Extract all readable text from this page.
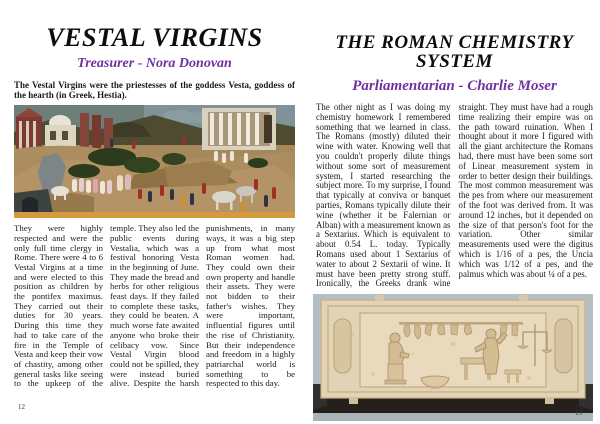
VESTAL VIRGINS
Treasurer - Nora Donovan

The Vestal Virgins were the priestesses of the goddess Vesta, goddess of the hearth (in Greek, Hestia).

They were highly respected and were the only full time clergy in Rome. There were 4 to 6 Vestal Virgins at a time and were elected to this position as children by the pontifex maximus. They carried out their duties for 30 years. During this time they had to take care of the fire in the Temple of Vesta and keep their vow of chastity, among other general tasks like seeing to the upkeep of the temple. They also led the public events during Vestalia, which was a festival honoring Vesta in the beginning of June. They made the bread and herbs for other religious feast days. If they failed to complete these tasks, they could be beaten. A much worse fate awaited anyone who broke their celibacy vow. Since Vestal Virgin blood could not be spilled, they were instead buried alive. Despite the harsh punishments, in many ways, it was a big step up from what most Roman women had. They could own their own property and handle their assets. They were not bidden to their father's wishes. They were important, influential figures until the rise of Christianity. But their independence and freedom in a highly patriarchal world is something to be respected to this day.
THE ROMAN CHEMISTRY SYSTEM
Parliamentarian - Charlie Moser
The other night as I was doing my chemistry homework I remembered something that we learned in class. The Romans (mostly) diluted their wine with water. Knowing well that you couldn't properly dilute things without some sort of measurement system, I started researching the subject more. To my surprise, I found that typically at conviva or banquet parties, Romans typically dilute their wine (whether it be Falernian or Alban) with a measurement known as a Sextarius. Which is equivalent to about 0.54 L. today. Typically Romans used about 1 Sextarius of water to about 2 Sextarii of wine. It must have been pretty strong stuff. Ironically, the Greeks drank wine straight. They must have had a rough time realizing their empire was on the path toward ruination. When I thought about it more I figured with all the giant architecture the Romans had, there must have been some sort of Linear measurement system in order to better design their buildings. The most common measurement was the pes from where our measurement of the foot was derived from. It was around 12 inches, but it depended on the size of that person's foot for the variation. Other similar measurements used were the digitus which is 1/16 of a pes, the Uncia which was 1/12 of a pes, and the palmus which was about ¼ of a pes.
12
13
